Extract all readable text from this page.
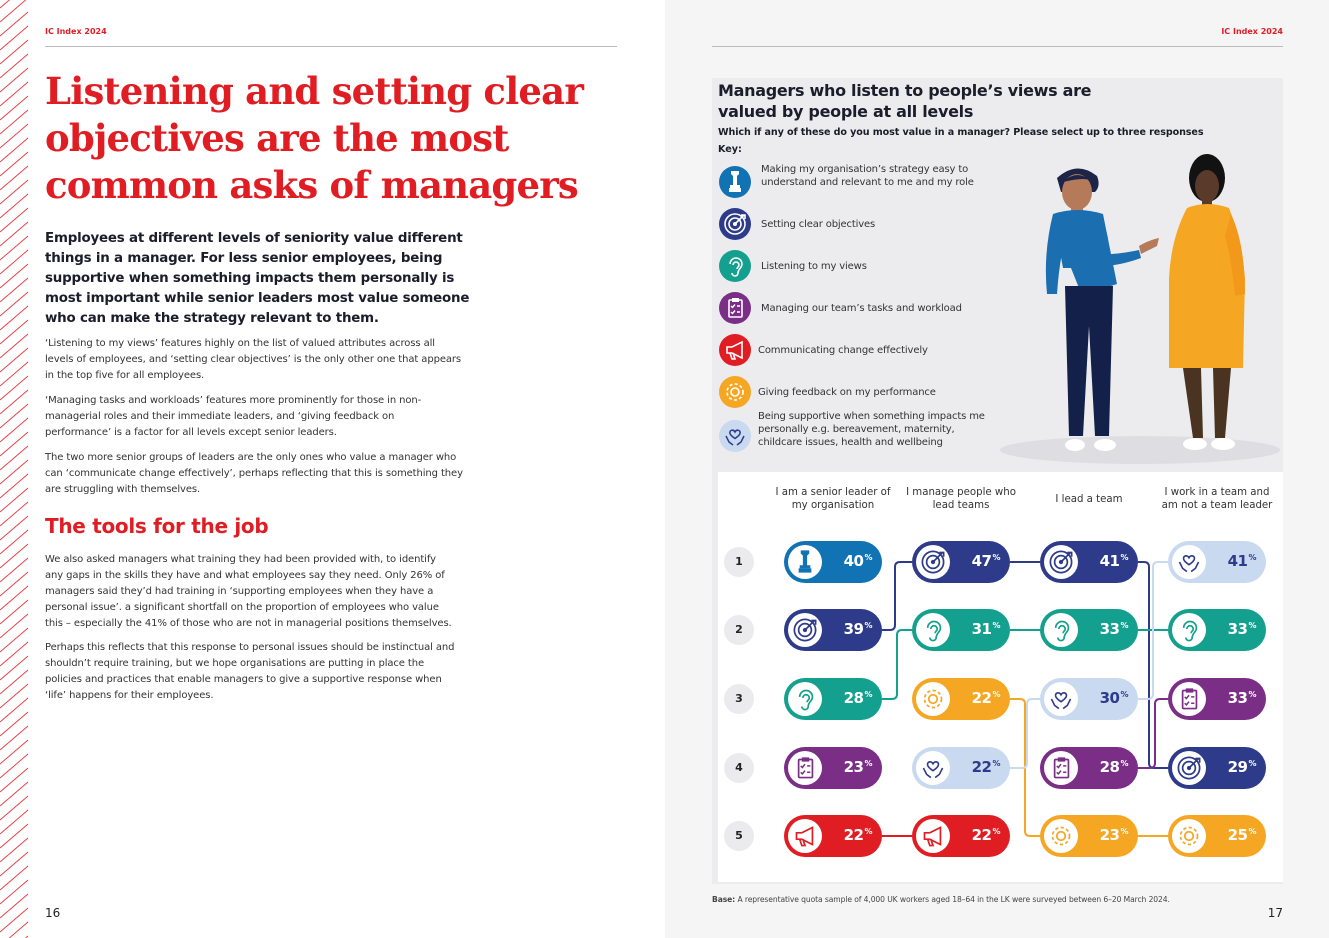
IC Index 2024
Listening and setting clear objectives are the most common asks of managers
Employees at different levels of seniority value different things in a manager. For less senior employees, being supportive when something impacts them personally is most important while senior leaders most value someone who can make the strategy relevant to them.
‘Listening to my views’ features highly on the list of valued attributes across all levels of employees, and ‘setting clear objectives’ is the only other one that appears in the top five for all employees.
‘Managing tasks and workloads’ features more prominently for those in non-managerial roles and their immediate leaders, and ‘giving feedback on performance’ is a factor for all levels except senior leaders.
The two more senior groups of leaders are the only ones who value a manager who can ‘communicate change effectively’, perhaps reflecting that this is something they are struggling with themselves.
The tools for the job
We also asked managers what training they had been provided with, to identify any gaps in the skills they have and what employees say they need. Only 26% of managers said they’d had training in ‘supporting employees when they have a personal issue’. a significant shortfall on the proportion of employees who value this – especially the 41% of those who are not in managerial positions themselves.
Perhaps this reflects that this response to personal issues should be instinctual and shouldn’t require training, but we hope organisations are putting in place the policies and practices that enable managers to give a supportive response when ‘life’ happens for their employees.
16
IC Index 2024
Managers who listen to people’s views are valued by people at all levels
Which if any of these do you most value in a manager? Please select up to three responses
Key:
Making my organisation’s strategy easy to understand and relevant to me and my role
Setting clear objectives
Listening to my views
Managing our team’s tasks and workload
Communicating change effectively
Giving feedback on my performance
Being supportive when something impacts me personally e.g. bereavement, maternity, childcare issues, health and wellbeing
I am a senior leader of my organisation
I manage people who lead teams
I lead a team
I work in a team and am not a team leader
1
2
3
4
5
40%
39%
28%
23%
22%
47%
31%
22%
22%
22%
41%
33%
30%
28%
23%
41%
33%
33%
29%
25%
Base: A representative quota sample of 4,000 UK workers aged 18–64 in the LK were surveyed between 6–20 March 2024.
17
